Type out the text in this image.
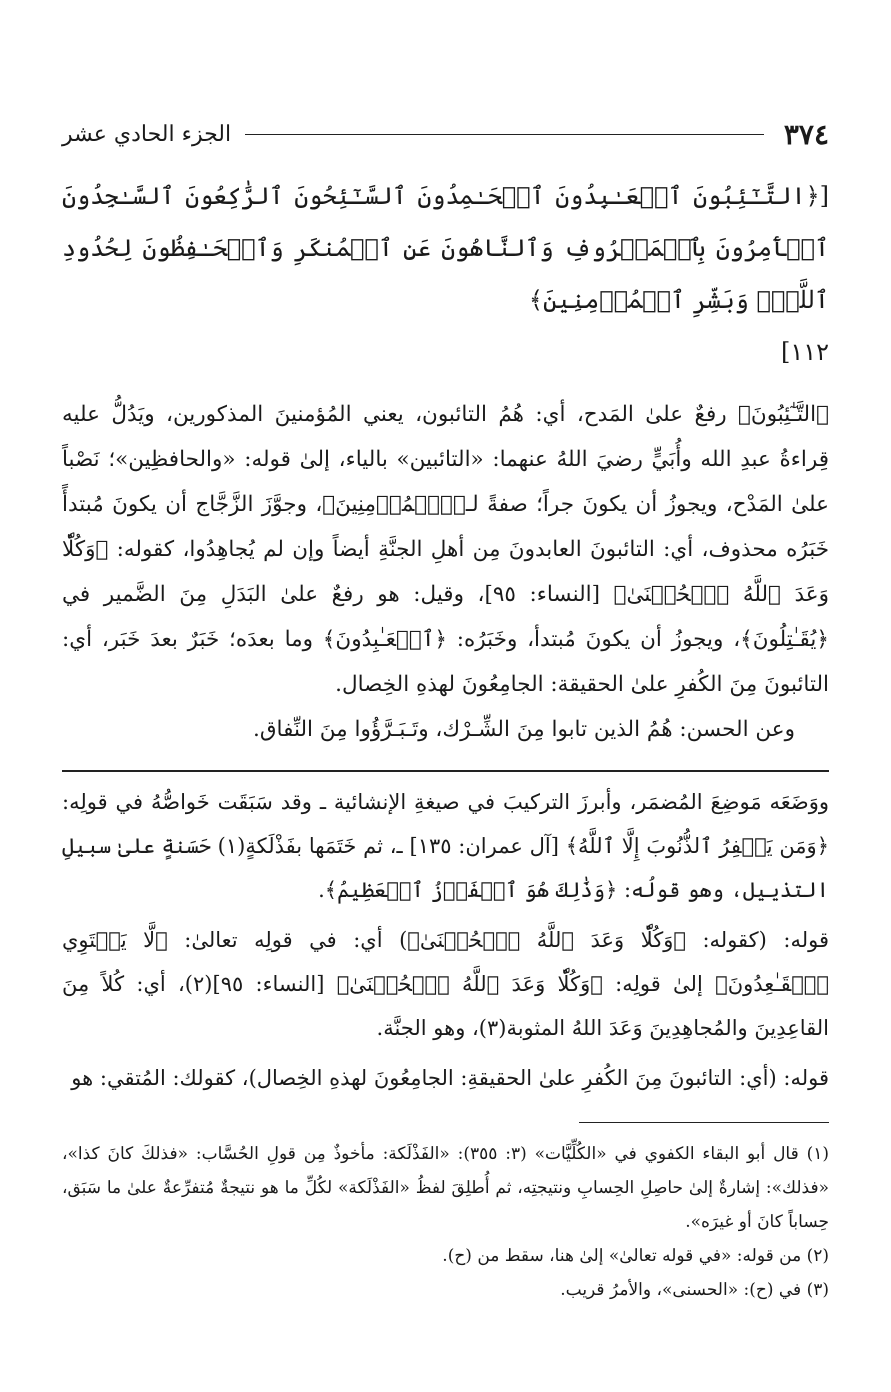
٣٧٤
الجزء الحادي عشر

[﴿التَّـٰٓئِبُونَ ٱلۡعَـٰبِدُونَ ٱلۡحَـٰمِدُونَ ٱلسَّـٰٓئِحُونَ ٱلرَّٰكِعُونَ ٱلسَّـٰجِدُونَ ٱلۡأٓمِرُونَ بِٱلۡمَعۡرُوفِ وَٱلنَّاهُونَ عَنِ ٱلۡمُنكَرِ وَٱلۡحَـٰفِظُونَ لِحُدُودِ ٱللَّهِۗ وَبَشِّرِ ٱلۡمُؤۡمِنِينَ﴾
١١٢]

﴿التَّـٰٓئِبُونَ﴾ رفعٌ علىٰ المَدح، أي: هُمُ التائبون، يعني المُؤمنينَ المذكورين، ويَدُلُّ عليه قِراءةُ عبدِ الله وأُبَيٍّ رضيَ اللهُ عنهما: «التائبين» بالياء، إلىٰ قوله: «والحافظِين»؛ نَصْباً علىٰ المَدْح، ويجوزُ أن يكونَ جراً؛ صفةً لـ﴿ٱلۡمُؤۡمِنِينَ﴾، وجوَّزَ الزَّجَّاج أن يكونَ مُبتدأً خَبَرُه محذوف، أي: التائبونَ العابدونَ مِن أهلِ الجنَّةِ أيضاً وإن لم يُجاهِدُوا، كقوله: ﴿وَكُلّٗا وَعَدَ ٱللَّهُ ٱلۡحُسۡنَىٰ﴾ [النساء: ٩٥]، وقيل: هو رفعٌ علىٰ البَدَلِ مِنَ الضَّمير في ﴿يُقَـٰتِلُونَ﴾، ويجوزُ أن يكونَ مُبتدأ، وخَبَرُه: ﴿ٱلۡعَـٰبِدُونَ﴾ وما بعدَه؛ خَبَرٌ بعدَ خَبَر، أي: التائبونَ مِنَ الكُفرِ علىٰ الحقيقة: الجامِعُونَ لهذهِ الخِصال.

وعن الحسن: هُمُ الذين تابوا مِنَ الشِّـرْك، وتَـبَـرَّؤُوا مِنَ النِّفاق.

ووَضَعَه مَوضِعَ المُضمَر، وأبرزَ التركيبَ في صيغةِ الإنشائية ـ وقد سَبَقَت خَواصُّهُ في قولِه: ﴿وَمَن يَغۡفِرُ ٱلذُّنُوبَ إِلَّا ٱللَّهُ﴾ [آل عمران: ١٣٥] ـ، ثم خَتَمَها بفَذْلَكةٍ(١) حَسَنةٍ علىٰ سبيلِ التذييل، وهو قولُه: ﴿وَذَٰلِكَ هُوَ ٱلۡفَوۡزُ ٱلۡعَظِيمُ﴾.

قوله: (كقوله: ﴿وَكُلّٗا وَعَدَ ٱللَّهُ ٱلۡحُسۡنَىٰ﴾) أي: في قولِه تعالىٰ: ﴿لَّا يَسۡتَوِي ٱلۡقَـٰعِدُونَ﴾ إلىٰ قولِه: ﴿وَكُلّٗا وَعَدَ ٱللَّهُ ٱلۡحُسۡنَىٰ﴾ [النساء: ٩٥](٢)، أي: كُلاً مِنَ القاعِدِينَ والمُجاهِدِينَ وَعَدَ اللهُ المثوبة(٣)، وهو الجنَّة.

قوله: (أي: التائبونَ مِنَ الكُفرِ علىٰ الحقيقةِ: الجامِعُونَ لهذهِ الخِصال)، كقولك: المُتقي: هو

(١) قال أبو البقاء الكفوي في «الكُلِّيَّات» (٣: ٣٥٥): «الفَذْلَكة: مأخوذٌ مِن قولِ الحُسَّاب: «فذلكَ كانَ كذا»، «فذلك»: إشارةٌ إلىٰ حاصِلِ الحِسابِ ونتيجتِه، ثم أُطلِقَ لفظُ «الفَذْلَكة» لكُلِّ ما هو نتيجةٌ مُتفرِّعةٌ علىٰ ما سَبَق، حِساباً كانَ أو غيرَه».

(٢) من قوله: «في قوله تعالىٰ» إلىٰ هنا، سقط من (ح).

(٣) في (ح): «الحسنى»، والأمرُ قريب.
